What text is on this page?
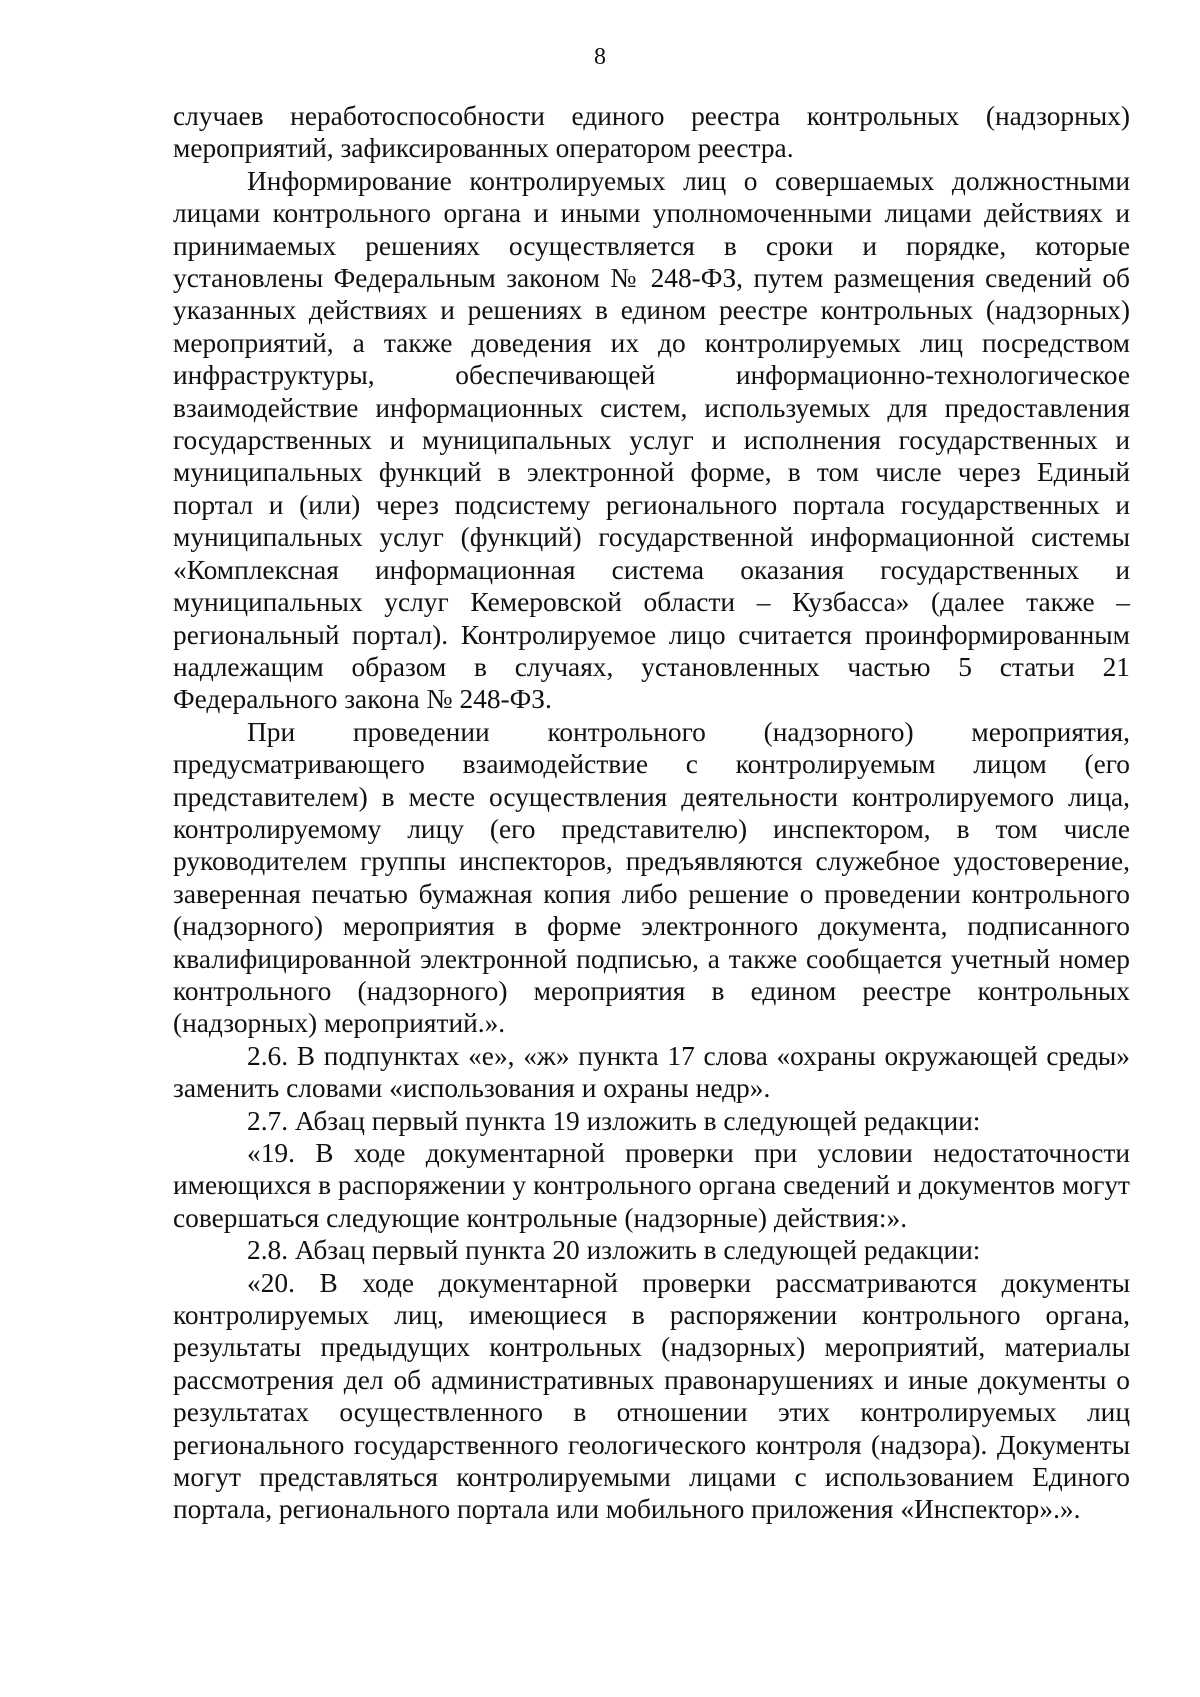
8

случаев неработоспособности единого реестра контрольных (надзорных) мероприятий, зафиксированных оператором реестра.

Информирование контролируемых лиц о совершаемых должностными лицами контрольного органа и иными уполномоченными лицами действиях и принимаемых решениях осуществляется в сроки и порядке, которые установлены Федеральным законом № 248-ФЗ, путем размещения сведений об указанных действиях и решениях в едином реестре контрольных (надзорных) мероприятий, а также доведения их до контролируемых лиц посредством инфраструктуры, обеспечивающей информационно-технологическое взаимодействие информационных систем, используемых для предоставления государственных и муниципальных услуг и исполнения государственных и муниципальных функций в электронной форме, в том числе через Единый портал и (или) через подсистему регионального портала государственных и муниципальных услуг (функций) государственной информационной системы «Комплексная информационная система оказания государственных и муниципальных услуг Кемеровской области – Кузбасса» (далее также – региональный портал). Контролируемое лицо считается проинформированным надлежащим образом в случаях, установленных частью 5 статьи 21 Федерального закона № 248-ФЗ.

При проведении контрольного (надзорного) мероприятия, предусматривающего взаимодействие с контролируемым лицом (его представителем) в месте осуществления деятельности контролируемого лица, контролируемому лицу (его представителю) инспектором, в том числе руководителем группы инспекторов, предъявляются служебное удостоверение, заверенная печатью бумажная копия либо решение о проведении контрольного (надзорного) мероприятия в форме электронного документа, подписанного квалифицированной электронной подписью, а также сообщается учетный номер контрольного (надзорного) мероприятия в едином реестре контрольных (надзорных) мероприятий.».

2.6. В подпунктах «е», «ж» пункта 17 слова «охраны окружающей среды» заменить словами «использования и охраны недр».

2.7. Абзац первый пункта 19 изложить в следующей редакции:

«19. В ходе документарной проверки при условии недостаточности имеющихся в распоряжении у контрольного органа сведений и документов могут совершаться следующие контрольные (надзорные) действия:».

2.8. Абзац первый пункта 20 изложить в следующей редакции:

«20. В ходе документарной проверки рассматриваются документы контролируемых лиц, имеющиеся в распоряжении контрольного органа, результаты предыдущих контрольных (надзорных) мероприятий, материалы рассмотрения дел об административных правонарушениях и иные документы о результатах осуществленного в отношении этих контролируемых лиц регионального государственного геологического контроля (надзора). Документы могут представляться контролируемыми лицами с использованием Единого портала, регионального портала или мобильного приложения «Инспектор».».
